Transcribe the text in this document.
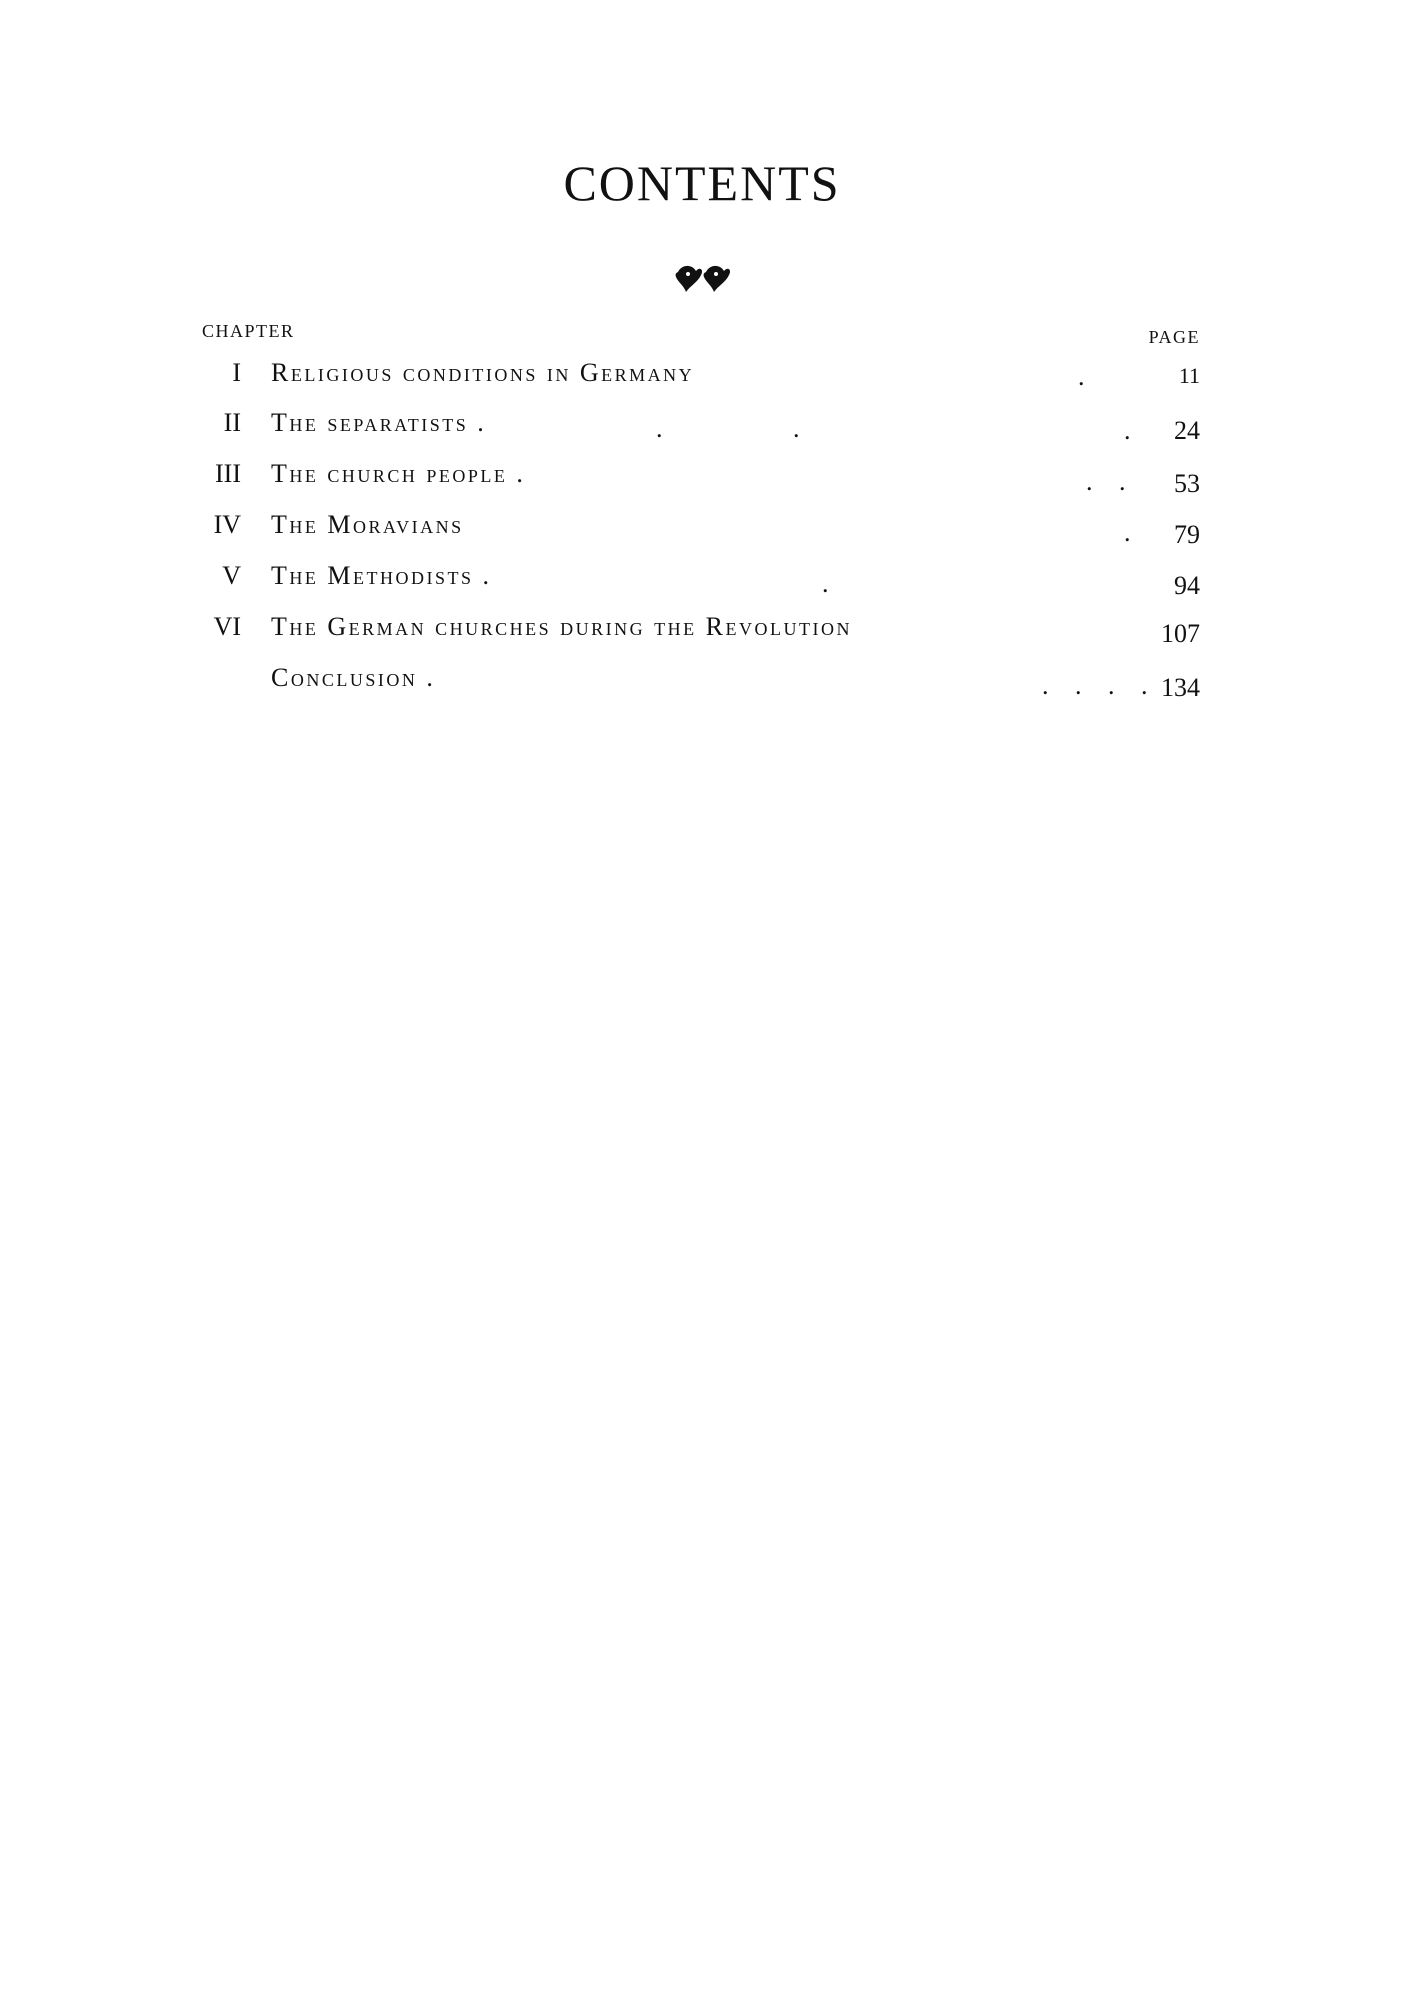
CONTENTS
CHAPTER	PAGE
I Religious conditions in Germany	.	11
II The separatists .	.	.	. 24
III The church people .	. . 53
IV The Moravians	. 79
V The Methodists .	.	94
VI The German churches during the Revolution	107
Conclusion .	. . . . 134
